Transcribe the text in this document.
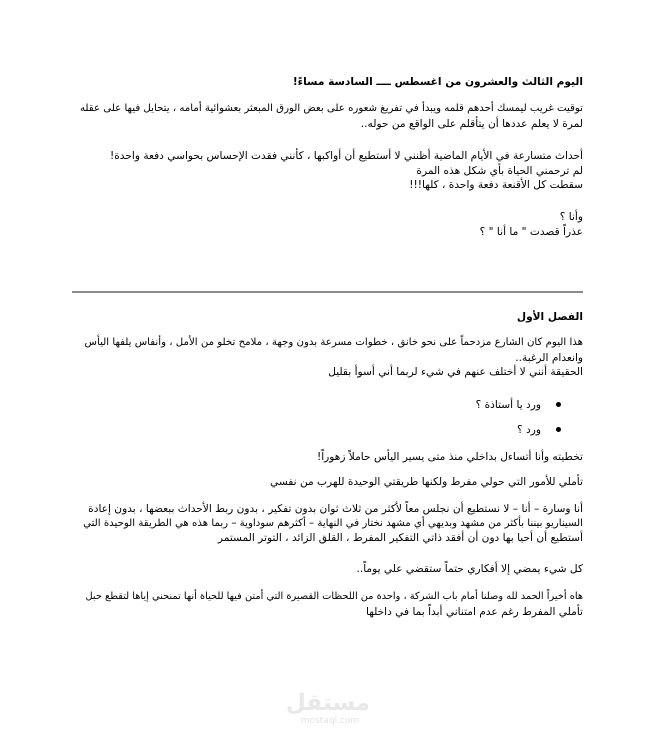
اليوم الثالث والعشرون من اغسطس ــــ السادسة مساءً!
توقيت غريب ليمسك أحدهم قلمه ويبدأ في تفريغ شعوره على بعض الورق المبعثر بعشوائية أمامه ، يتحايل فيها على عقله
لمرة لا يعلم عددها أن يتأقلم على الواقع من حوله..
أحداث متسارعة في الأيام الماضية أظنني لا أستطيع أن أواكبها ، كأنني فقدت الإحساس بحواسي دفعة واحدة!
لم ترحمني الحياة بأي شكل هذه المرة
سقطت كل الأقنعة دفعة واحدة ، كلها!!!
وأنا ؟
عذراً قصدت " ما أنا " ؟
الفصل الأول
هذا اليوم كان الشارع مزدحماً على نحو خانق ، خطوات مسرعة بدون وجهة ، ملامح تخلو من الأمل ، وأنفاس يلفها اليأس
وانعدام الرغبة..
الحقيقة أنني لا أختلف عنهم في شيء لربما أني أسوأ بقليل
ورد يا أستاذة ؟
ورد ؟
تخطيته وأنا أتساءل بداخلي منذ متى يسير اليأس حاملاً زهوراً!
تأملي للأمور التي حولي مفرط ولكنها طريقتي الوحيدة للهرب من نفسي
أنا وسارة – أنا – لا نستطيع أن نجلس معاً لأكثر من ثلاث ثوان بدون تفكير ، بدون ربط الأحداث ببعضها ، بدون إعادة
السيناريو بيننا بأكثر من مشهد وبديهي أي مشهد نختار في النهاية – أكثرهم سوداوية – ربما هذه هي الطريقة الوحيدة التي
أستطيع أن أحيا بها دون أن أفقد ذاتي التفكير المفرط ، القلق الزائد ، التوتر المستمر
كل شيء يمضي إلا أفكاري حتماً ستقضي علي يوماً..
هاه أخيراً الحمد لله وصلنا أمام باب الشركة ، واحدة من اللحظات القصيرة التي أمتن فيها للحياة أنها تمنحني إياها لتقطع حبل
تأملي المفرط رغم عدم امتناني أبداً بما في داخلها
مستقل
mostaql.com
